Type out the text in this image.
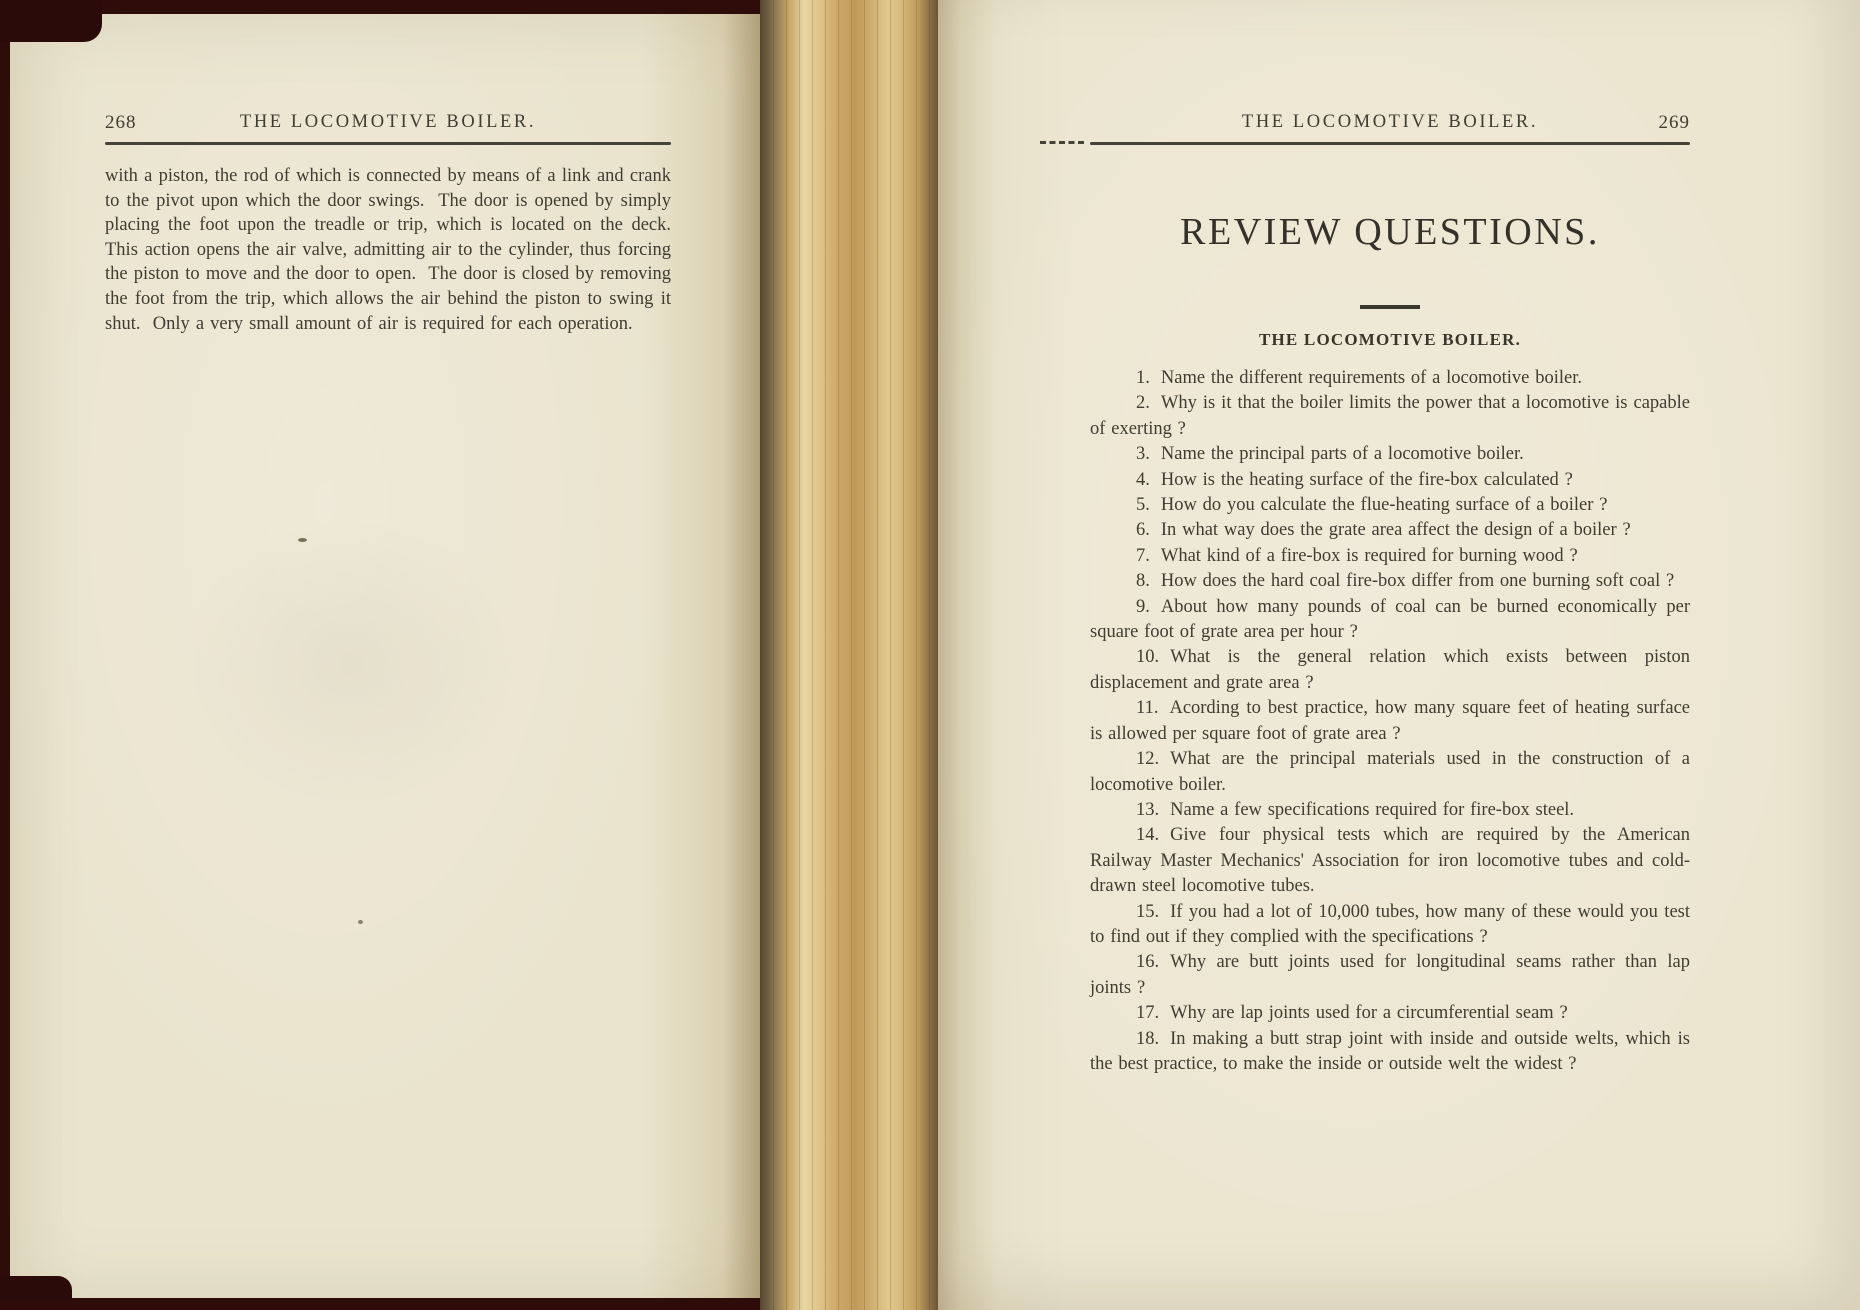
268	THE LOCOMOTIVE BOILER.
with a piston, the rod of which is connected by means of a link and crank to the pivot upon which the door swings.  The door is opened by simply placing the foot upon the treadle or trip, which is located on the deck.  This action opens the air valve, admitting air to the cylinder, thus forcing the piston to move and the door to open.  The door is closed by removing the foot from the trip, which allows the air behind the piston to swing it shut.  Only a very small amount of air is required for each operation.
THE LOCOMOTIVE BOILER.	269
REVIEW QUESTIONS.
THE LOCOMOTIVE BOILER.

1. Name the different requirements of a locomotive boiler.

2. Why is it that the boiler limits the power that a locomotive is capable of exerting ?

3. Name the principal parts of a locomotive boiler.

4. How is the heating surface of the fire-box calculated ?

5. How do you calculate the flue-heating surface of a boiler ?

6. In what way does the grate area affect the design of a boiler ?

7. What kind of a fire-box is required for burning wood ?

8. How does the hard coal fire-box differ from one burning soft coal ?

9. About how many pounds of coal can be burned economically per square foot of grate area per hour ?

10. What is the general relation which exists between piston displacement and grate area ?

11. Acording to best practice, how many square feet of heating surface is allowed per square foot of grate area ?

12. What are the principal materials used in the construction of a locomotive boiler.

13. Name a few specifications required for fire-box steel.

14. Give four physical tests which are required by the American Railway Master Mechanics' Association for iron locomotive tubes and cold-drawn steel locomotive tubes.

15. If you had a lot of 10,000 tubes, how many of these would you test to find out if they complied with the specifications ?

16. Why are butt joints used for longitudinal seams rather than lap joints ?

17. Why are lap joints used for a circumferential seam ?

18. In making a butt strap joint with inside and outside welts, which is the best practice, to make the inside or outside welt the widest ?
